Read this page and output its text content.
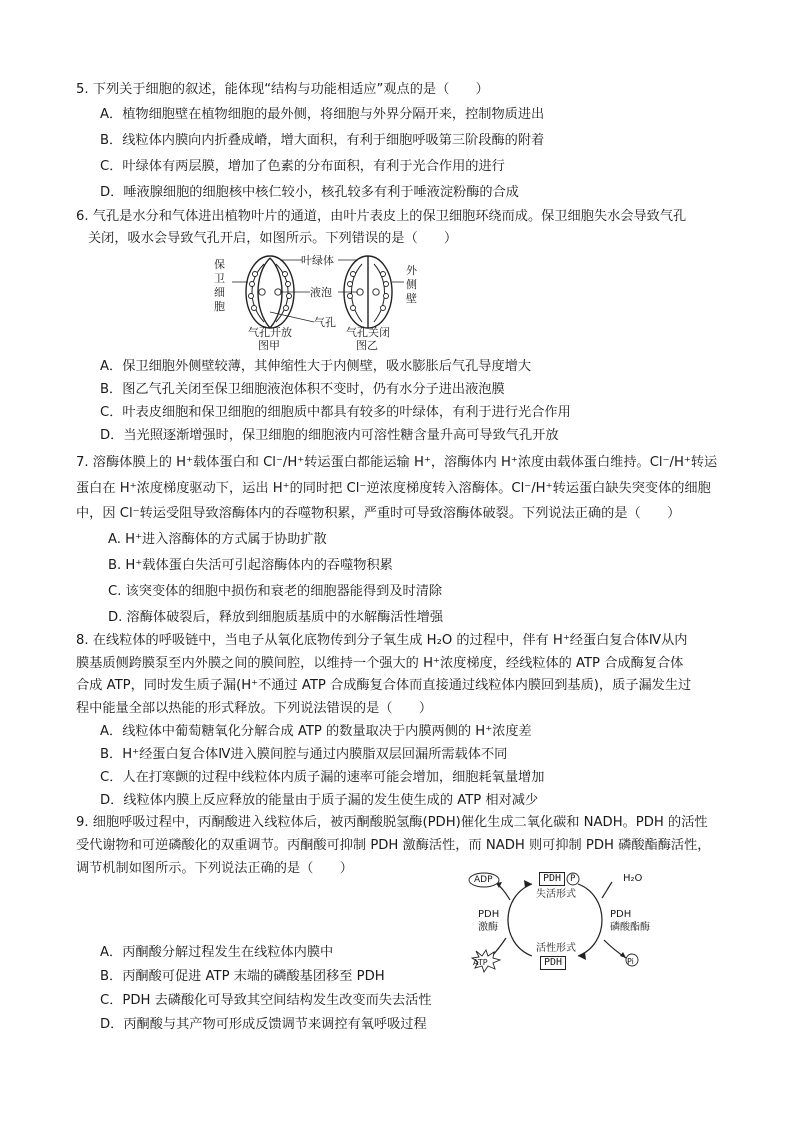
5. 下列关于细胞的叙述，能体现“结构与功能相适应”观点的是（　　）
A．植物细胞壁在植物细胞的最外侧，将细胞与外界分隔开来，控制物质进出
B．线粒体内膜向内折叠成嵴，增大面积，有利于细胞呼吸第三阶段酶的附着
C．叶绿体有两层膜，增加了色素的分布面积，有利于光合作用的进行
D．唾液腺细胞的细胞核中核仁较小，核孔较多有利于唾液淀粉酶的合成
6. 气孔是水分和气体进出植物叶片的通道，由叶片表皮上的保卫细胞环绕而成。保卫细胞失水会导致气孔
关闭，吸水会导致气孔开启，如图所示。下列错误的是（　　）
保
卫
细
胞
叶绿体
液泡
气孔
外
侧
壁
气孔开放	气孔关闭
图甲	图乙
A．保卫细胞外侧壁较薄，其伸缩性大于内侧壁，吸水膨胀后气孔导度增大
B．图乙气孔关闭至保卫细胞液泡体积不变时，仍有水分子进出液泡膜
C．叶表皮细胞和保卫细胞的细胞质中都具有较多的叶绿体，有利于进行光合作用
D．当光照逐渐增强时，保卫细胞的细胞液内可溶性糖含量升高可导致气孔开放
7. 溶酶体膜上的 H⁺载体蛋白和 Cl⁻/H⁺转运蛋白都能运输 H⁺，溶酶体内 H⁺浓度由载体蛋白维持。Cl⁻/H⁺转运
蛋白在 H⁺浓度梯度驱动下，运出 H⁺的同时把 Cl⁻逆浓度梯度转入溶酶体。Cl⁻/H⁺转运蛋白缺失突变体的细胞
中，因 Cl⁻转运受阻导致溶酶体内的吞噬物积累，严重时可导致溶酶体破裂。下列说法正确的是（　　）
A. H⁺进入溶酶体的方式属于协助扩散
B. H⁺载体蛋白失活可引起溶酶体内的吞噬物积累
C. 该突变体的细胞中损伤和衰老的细胞器能得到及时清除
D. 溶酶体破裂后，释放到细胞质基质中的水解酶活性增强
8. 在线粒体的呼吸链中，当电子从氧化底物传到分子氧生成 H₂O 的过程中，伴有 H⁺经蛋白复合体Ⅳ从内
膜基质侧跨膜泵至内外膜之间的膜间腔，以维持一个强大的 H⁺浓度梯度，经线粒体的 ATP 合成酶复合体
合成 ATP，同时发生质子漏(H⁺不通过 ATP 合成酶复合体而直接通过线粒体内膜回到基质)，质子漏发生过
程中能量全部以热能的形式释放。下列说法错误的是（　　）
A．线粒体中葡萄糖氧化分解合成 ATP 的数量取决于内膜两侧的 H⁺浓度差
B．H⁺经蛋白复合体Ⅳ进入膜间腔与通过内膜脂双层回漏所需载体不同
C．人在打寒颤的过程中线粒体内质子漏的速率可能会增加，细胞耗氧量增加
D．线粒体内膜上反应释放的能量由于质子漏的发生使生成的 ATP 相对减少
9. 细胞呼吸过程中，丙酮酸进入线粒体后，被丙酮酸脱氢酶(PDH)催化生成二氧化碳和 NADH。PDH 的活性
受代谢物和可逆磷酸化的双重调节。丙酮酸可抑制 PDH 激酶活性，而 NADH 则可抑制 PDH 磷酸酯酶活性，
调节机制如图所示。下列说法正确的是（　　）
ADP	PDH P
失活形式
H₂O
PDH
激酶
PDH
磷酸酯酶
活性形式
PDH
ATP	Pi
A．丙酮酸分解过程发生在线粒体内膜中
B．丙酮酸可促进 ATP 末端的磷酸基团移至 PDH
C．PDH 去磷酸化可导致其空间结构发生改变而失去活性
D．丙酮酸与其产物可形成反馈调节来调控有氧呼吸过程
